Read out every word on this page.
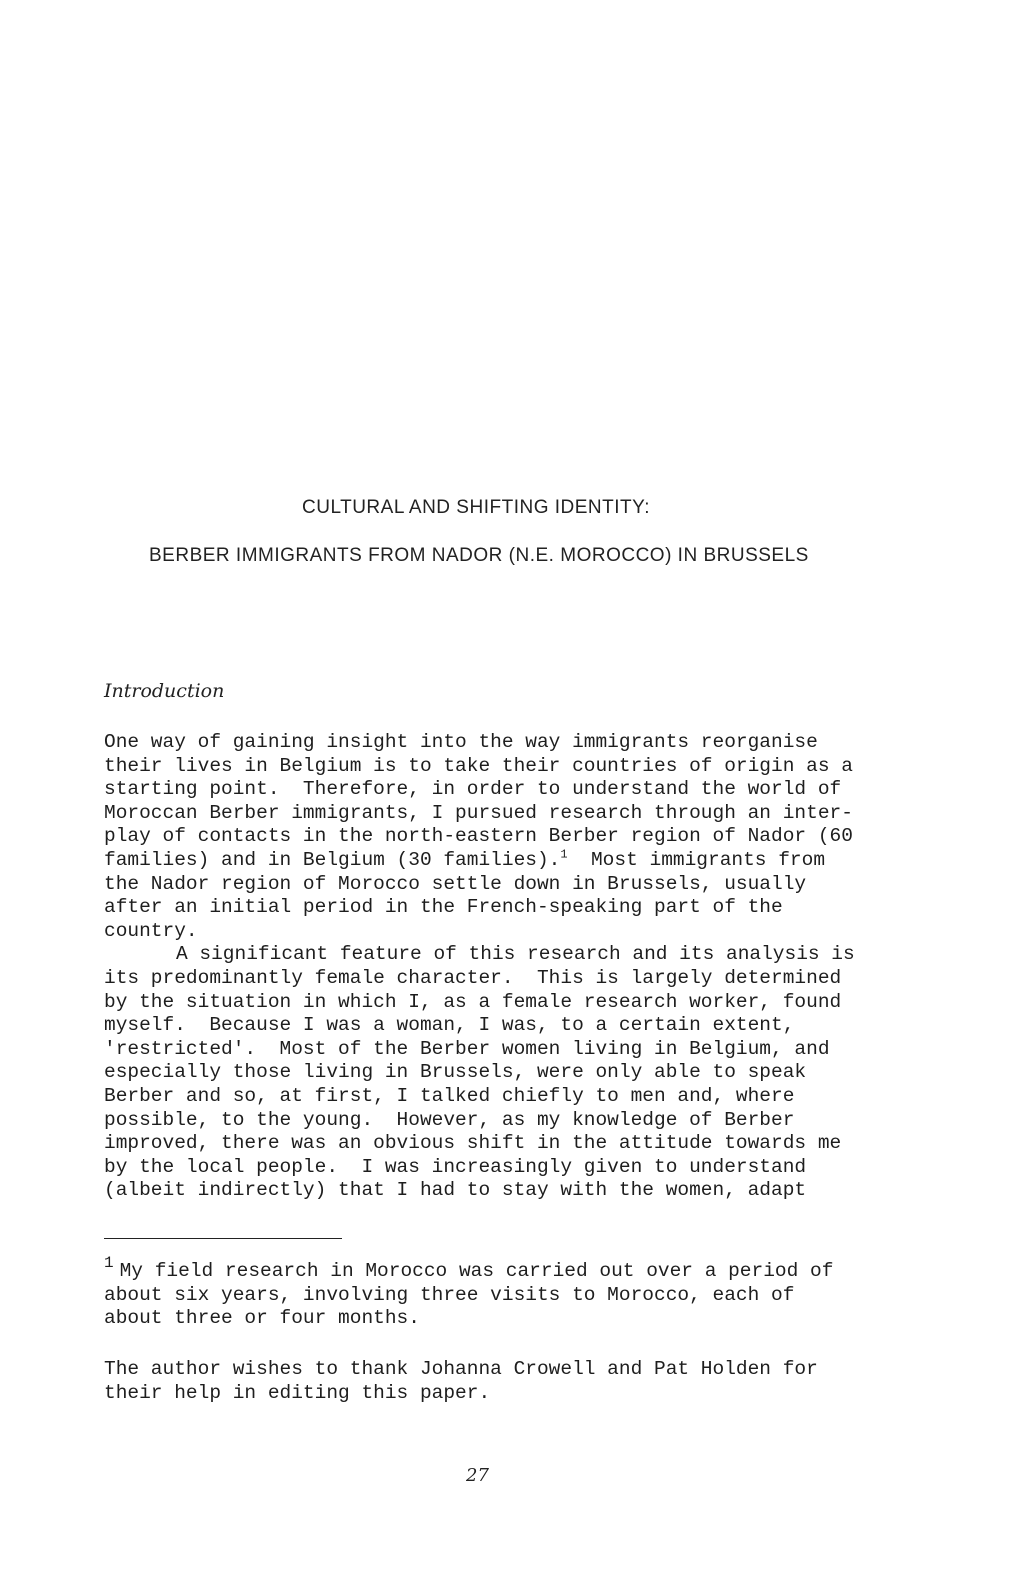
CULTURAL AND SHIFTING IDENTITY:
BERBER IMMIGRANTS FROM NADOR (N.E. MOROCCO) IN BRUSSELS
Introduction

One way of gaining insight into the way immigrants reorganise
their lives in Belgium is to take their countries of origin as a
starting point.  Therefore, in order to understand the world of
Moroccan Berber immigrants, I pursued research through an inter-
play of contacts in the north-eastern Berber region of Nador (60
families) and in Belgium (30 families).$^1$  Most immigrants from
the Nador region of Morocco settle down in Brussels, usually
after an initial period in the French-speaking part of the
country.

A significant feature of this research and its analysis is
its predominantly female character.  This is largely determined
by the situation in which I, as a female research worker, found
myself.  Because I was a woman, I was, to a certain extent,
'restricted'.  Most of the Berber women living in Belgium, and
especially those living in Brussels, were only able to speak
Berber and so, at first, I talked chiefly to men and, where
possible, to the young.  However, as my knowledge of Berber
improved, there was an obvious shift in the attitude towards me
by the local people.  I was increasingly given to understand
(albeit indirectly) that I had to stay with the women, adapt

1 My field research in Morocco was carried out over a period of
about six years, involving three visits to Morocco, each of
about three or four months.
The author wishes to thank Johanna Crowell and Pat Holden for
their help in editing this paper.
27
